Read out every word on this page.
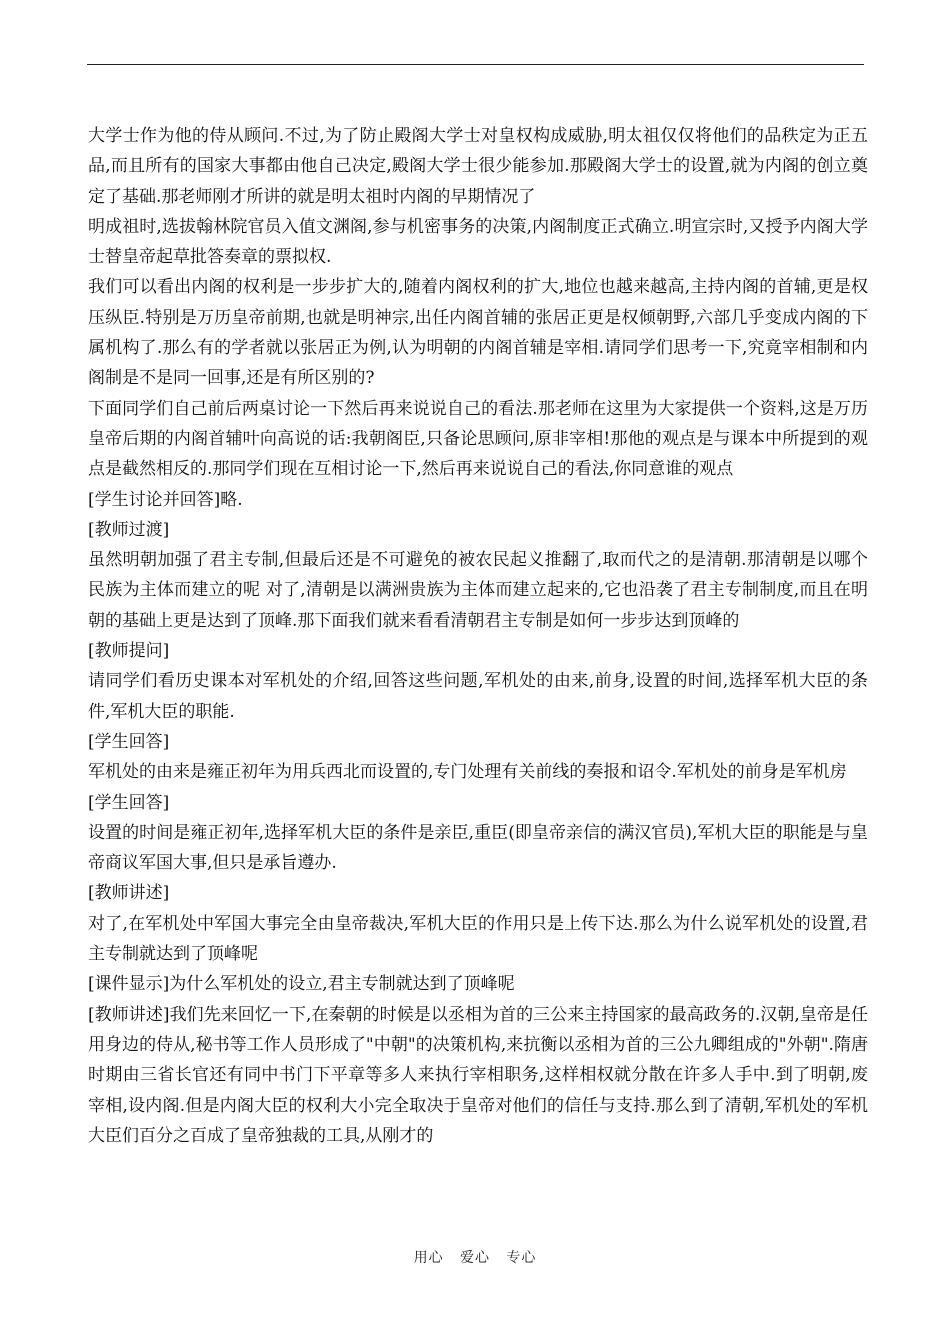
大学士作为他的侍从顾问.不过,为了防止殿阁大学士对皇权构成威胁,明太祖仅仅将他们的品秩定为正五品,而且所有的国家大事都由他自己决定,殿阁大学士很少能参加.那殿阁大学士的设置,就为内阁的创立奠定了基础.那老师刚才所讲的就是明太祖时内阁的早期情况了

明成祖时,选拔翰林院官员入值文渊阁,参与机密事务的决策,内阁制度正式确立.明宣宗时,又授予内阁大学士替皇帝起草批答奏章的票拟权.

我们可以看出内阁的权利是一步步扩大的,随着内阁权利的扩大,地位也越来越高,主持内阁的首辅,更是权压纵臣.特别是万历皇帝前期,也就是明神宗,出任内阁首辅的张居正更是权倾朝野,六部几乎变成内阁的下属机构了.那么有的学者就以张居正为例,认为明朝的内阁首辅是宰相.请同学们思考一下,究竟宰相制和内阁制是不是同一回事,还是有所区别的?

下面同学们自己前后两桌讨论一下然后再来说说自己的看法.那老师在这里为大家提供一个资料,这是万历皇帝后期的内阁首辅叶向高说的话:我朝阁臣,只备论思顾问,原非宰相!那他的观点是与课本中所提到的观点是截然相反的.那同学们现在互相讨论一下,然后再来说说自己的看法,你同意谁的观点

[学生讨论并回答]略.

[教师过渡]

虽然明朝加强了君主专制,但最后还是不可避免的被农民起义推翻了,取而代之的是清朝.那清朝是以哪个民族为主体而建立的呢 对了,清朝是以满洲贵族为主体而建立起来的,它也沿袭了君主专制制度,而且在明朝的基础上更是达到了顶峰.那下面我们就来看看清朝君主专制是如何一步步达到顶峰的

[教师提问]

请同学们看历史课本对军机处的介绍,回答这些问题,军机处的由来,前身,设置的时间,选择军机大臣的条件,军机大臣的职能.

[学生回答]

军机处的由来是雍正初年为用兵西北而设置的,专门处理有关前线的奏报和诏令.军机处的前身是军机房

[学生回答]

设置的时间是雍正初年,选择军机大臣的条件是亲臣,重臣(即皇帝亲信的满汉官员),军机大臣的职能是与皇帝商议军国大事,但只是承旨遵办.

[教师讲述]

对了,在军机处中军国大事完全由皇帝裁决,军机大臣的作用只是上传下达.那么为什么说军机处的设置,君主专制就达到了顶峰呢

[课件显示]为什么军机处的设立,君主专制就达到了顶峰呢

[教师讲述]我们先来回忆一下,在秦朝的时候是以丞相为首的三公来主持国家的最高政务的.汉朝,皇帝是任用身边的侍从,秘书等工作人员形成了"中朝"的决策机构,来抗衡以丞相为首的三公九卿组成的"外朝".隋唐时期由三省长官还有同中书门下平章等多人来执行宰相职务,这样相权就分散在许多人手中.到了明朝,废宰相,设内阁.但是内阁大臣的权利大小完全取决于皇帝对他们的信任与支持.那么到了清朝,军机处的军机大臣们百分之百成了皇帝独裁的工具,从刚才的

用心   爱心   专心
